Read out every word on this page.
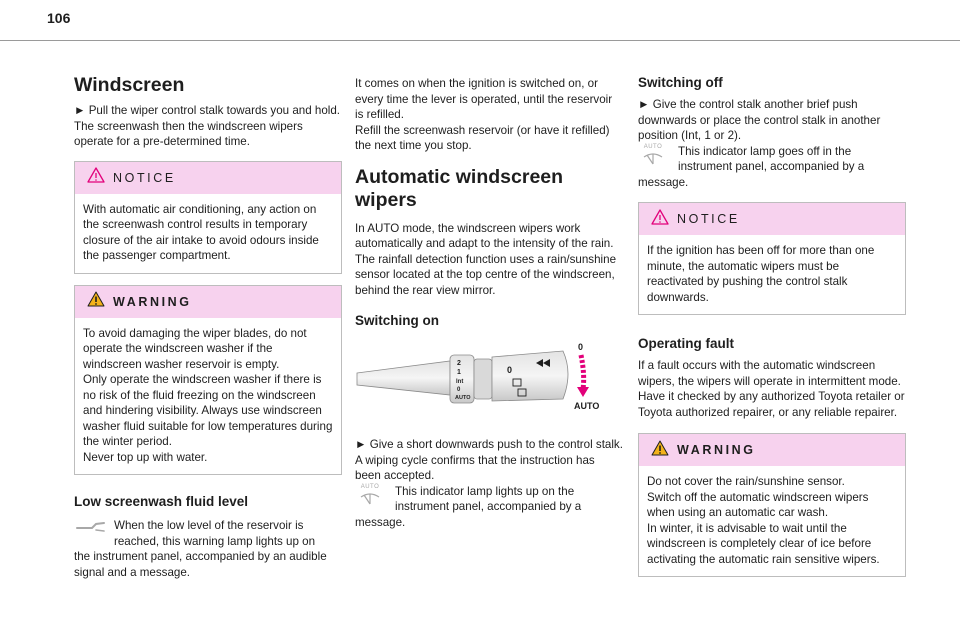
106
Windscreen

► Pull the wiper control stalk towards you and hold.

The screenwash then the windscreen wipers operate for a pre-determined time.

NOTICE

With automatic air conditioning, any action on the screenwash control results in temporary closure of the air intake to avoid odours inside the passenger compartment.

WARNING

To avoid damaging the wiper blades, do not operate the windscreen washer if the windscreen washer reservoir is empty.

Only operate the windscreen washer if there is no risk of the fluid freezing on the windscreen and hindering visibility. Always use windscreen washer fluid suitable for low temperatures during the winter period.

Never top up with water.

Low screenwash fluid level

When the low level of the reservoir is reached, this warning lamp lights up on

the instrument panel, accompanied by an audible signal and a message.

It comes on when the ignition is switched on, or every time the lever is operated, until the reservoir is refilled.

Refill the screenwash reservoir (or have it refilled) the next time you stop.

Automatic windscreen wipers

In AUTO mode, the windscreen wipers work automatically and adapt to the intensity of the rain.

The rainfall detection function uses a rain/sunshine sensor located at the top centre of the windscreen, behind the rear view mirror.

Switching on
2
1
Int
0
AUTO
0
0
AUTO

► Give a short downwards push to the control stalk.

A wiping cycle confirms that the instruction has been accepted.

AUTO This indicator lamp lights up on the instrument panel, accompanied by a

message.

Switching off

► Give the control stalk another brief push downwards or place the control stalk in another position (Int, 1 or 2).

AUTO This indicator lamp goes off in the instrument panel, accompanied by a

message.

NOTICE

If the ignition has been off for more than one minute, the automatic wipers must be reactivated by pushing the control stalk downwards.

Operating fault

If a fault occurs with the automatic windscreen wipers, the wipers will operate in intermittent mode.

Have it checked by any authorized Toyota retailer or Toyota authorized repairer, or any reliable repairer.

WARNING

Do not cover the rain/sunshine sensor.

Switch off the automatic windscreen wipers when using an automatic car wash.

In winter, it is advisable to wait until the windscreen is completely clear of ice before activating the automatic rain sensitive wipers.
